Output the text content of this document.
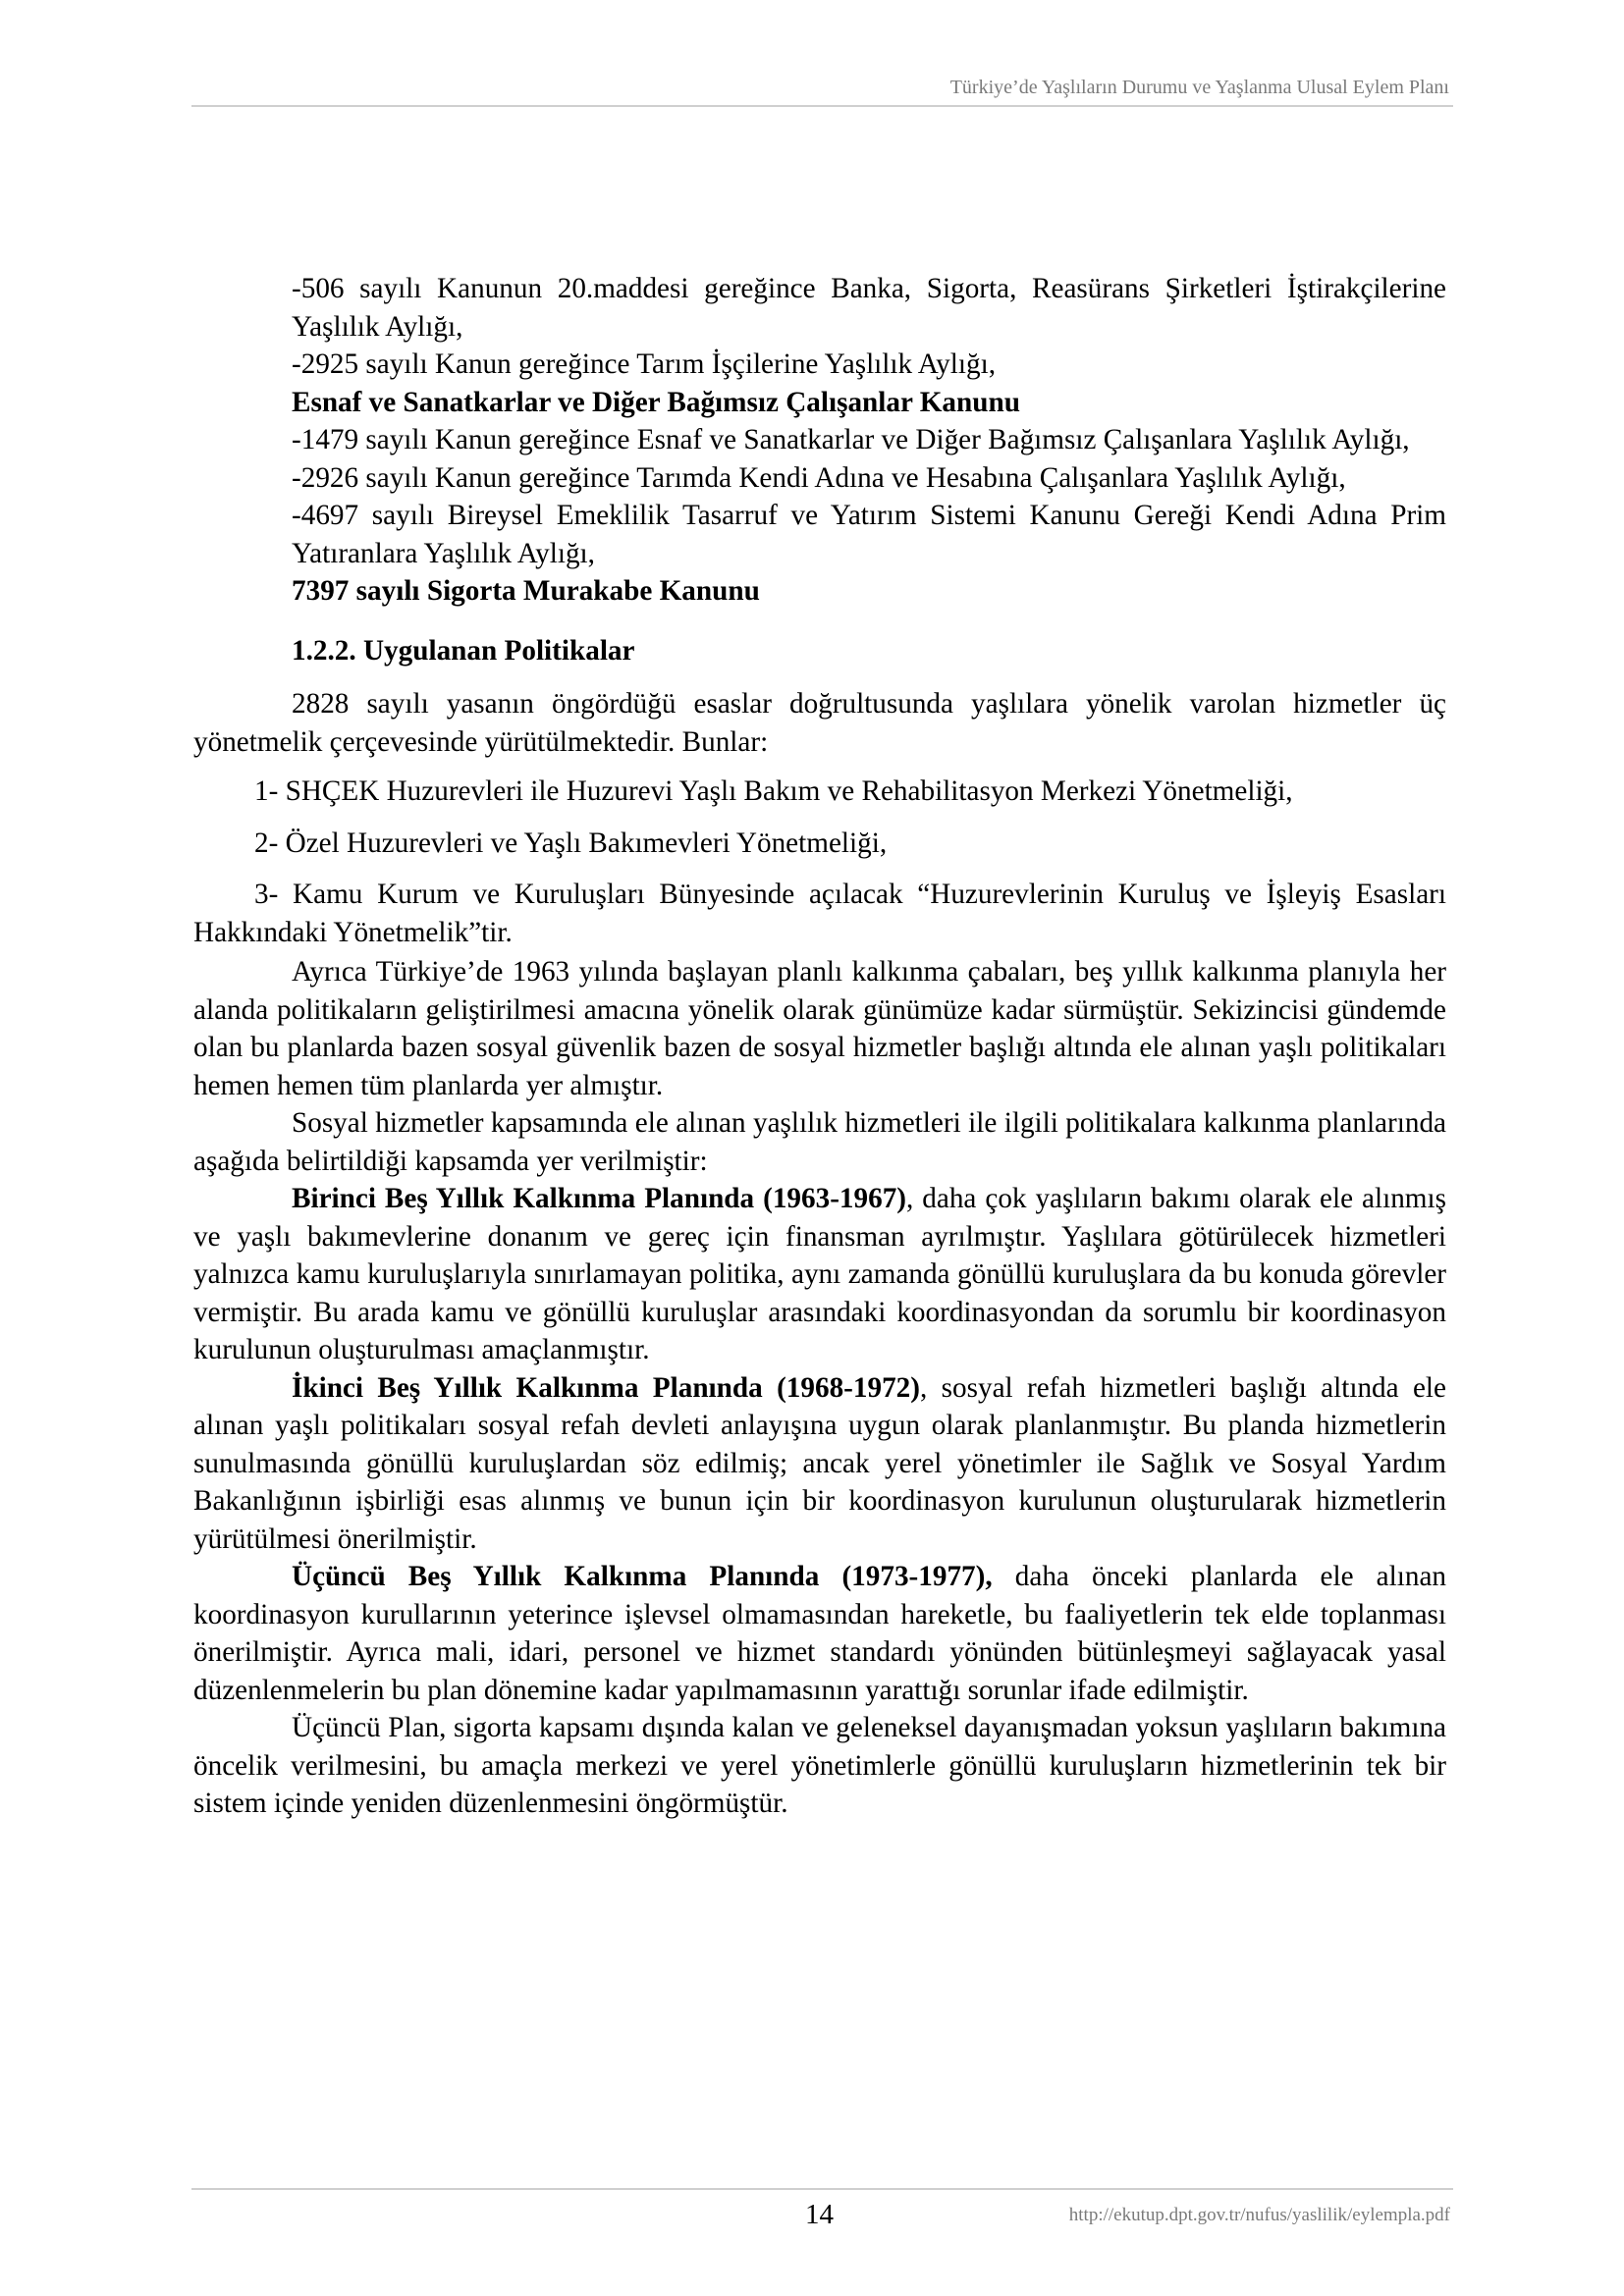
Türkiye’de Yaşlıların Durumu ve Yaşlanma Ulusal Eylem Planı

-506 sayılı Kanunun 20.maddesi gereğince Banka, Sigorta, Reasürans Şirketleri İştirakçilerine Yaşlılık Aylığı,

-2925 sayılı Kanun gereğince Tarım İşçilerine Yaşlılık Aylığı,

Esnaf ve Sanatkarlar ve Diğer Bağımsız Çalışanlar Kanunu

-1479 sayılı Kanun gereğince Esnaf ve Sanatkarlar ve Diğer Bağımsız Çalışanlara Yaşlılık Aylığı,

-2926 sayılı Kanun gereğince Tarımda Kendi Adına ve Hesabına Çalışanlara Yaşlılık Aylığı,

-4697 sayılı Bireysel Emeklilik Tasarruf ve Yatırım Sistemi Kanunu Gereği Kendi Adına Prim Yatıranlara Yaşlılık Aylığı,

7397 sayılı Sigorta Murakabe Kanunu

1.2.2. Uygulanan Politikalar

2828 sayılı yasanın öngördüğü esaslar doğrultusunda yaşlılara yönelik varolan hizmetler üç yönetmelik çerçevesinde yürütülmektedir. Bunlar:

1- SHÇEK Huzurevleri ile Huzurevi Yaşlı Bakım ve Rehabilitasyon Merkezi Yönetmeliği,

2- Özel Huzurevleri ve Yaşlı Bakımevleri Yönetmeliği,

3- Kamu Kurum ve Kuruluşları Bünyesinde açılacak “Huzurevlerinin Kuruluş ve İşleyiş Esasları Hakkındaki Yönetmelik”tir.

Ayrıca Türkiye’de 1963 yılında başlayan planlı kalkınma çabaları, beş yıllık kalkınma planıyla her alanda politikaların geliştirilmesi amacına yönelik olarak günümüze kadar sürmüştür. Sekizincisi gündemde olan bu planlarda bazen sosyal güvenlik bazen de sosyal hizmetler başlığı altında ele alınan yaşlı politikaları hemen hemen tüm planlarda yer almıştır.

Sosyal hizmetler kapsamında ele alınan yaşlılık hizmetleri ile ilgili politikalara kalkınma planlarında aşağıda belirtildiği kapsamda yer verilmiştir:

Birinci Beş Yıllık Kalkınma Planında (1963-1967), daha çok yaşlıların bakımı olarak ele alınmış ve yaşlı bakımevlerine donanım ve gereç için finansman ayrılmıştır. Yaşlılara götürülecek hizmetleri yalnızca kamu kuruluşlarıyla sınırlamayan politika, aynı zamanda gönüllü kuruluşlara da bu konuda görevler vermiştir. Bu arada kamu ve gönüllü kuruluşlar arasındaki koordinasyondan da sorumlu bir koordinasyon kurulunun oluşturulması amaçlanmıştır.

İkinci Beş Yıllık Kalkınma Planında (1968-1972), sosyal refah hizmetleri başlığı altında ele alınan yaşlı politikaları sosyal refah devleti anlayışına uygun olarak planlanmıştır. Bu planda hizmetlerin sunulmasında gönüllü kuruluşlardan söz edilmiş; ancak yerel yönetimler ile Sağlık ve Sosyal Yardım Bakanlığının işbirliği esas alınmış ve bunun için bir koordinasyon kurulunun oluşturularak hizmetlerin yürütülmesi önerilmiştir.

Üçüncü Beş Yıllık Kalkınma Planında (1973-1977), daha önceki planlarda ele alınan koordinasyon kurullarının yeterince işlevsel olmamasından hareketle, bu faaliyetlerin tek elde toplanması önerilmiştir. Ayrıca mali, idari, personel ve hizmet standardı yönünden bütünleşmeyi sağlayacak yasal düzenlenmelerin bu plan dönemine kadar yapılmamasının yarattığı sorunlar ifade edilmiştir.

Üçüncü Plan, sigorta kapsamı dışında kalan ve geleneksel dayanışmadan yoksun yaşlıların bakımına öncelik verilmesini, bu amaçla merkezi ve yerel yönetimlerle gönüllü kuruluşların hizmetlerinin tek bir sistem içinde yeniden düzenlenmesini öngörmüştür.

14	http://ekutup.dpt.gov.tr/nufus/yaslilik/eylempla.pdf
